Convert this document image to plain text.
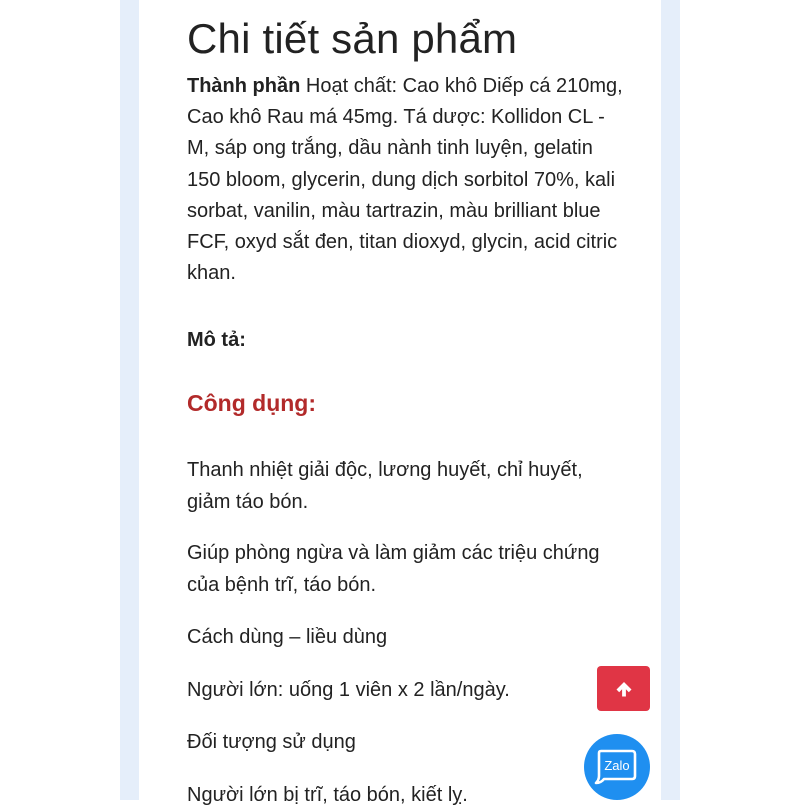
Chi tiết sản phẩm

Thành phần Hoạt chất: Cao khô Diếp cá 210mg, Cao khô Rau má 45mg. Tá dược: Kollidon CL - M, sáp ong trắng, dầu nành tinh luyện, gelatin 150 bloom, glycerin, dung dịch sorbitol 70%, kali sorbat, vanilin, màu tartrazin, màu brilliant blue FCF, oxyd sắt đen, titan dioxyd, glycin, acid citric khan.

Mô tả:
Công dụng:

Thanh nhiệt giải độc, lương huyết, chỉ huyết, giảm táo bón.

Giúp phòng ngừa và làm giảm các triệu chứng của bệnh trĩ, táo bón.

Cách dùng – liều dùng

Người lớn: uống 1 viên x 2 lần/ngày.

Đối tượng sử dụng

Người lớn bị trĩ, táo bón, kiết lỵ.

Zalo
